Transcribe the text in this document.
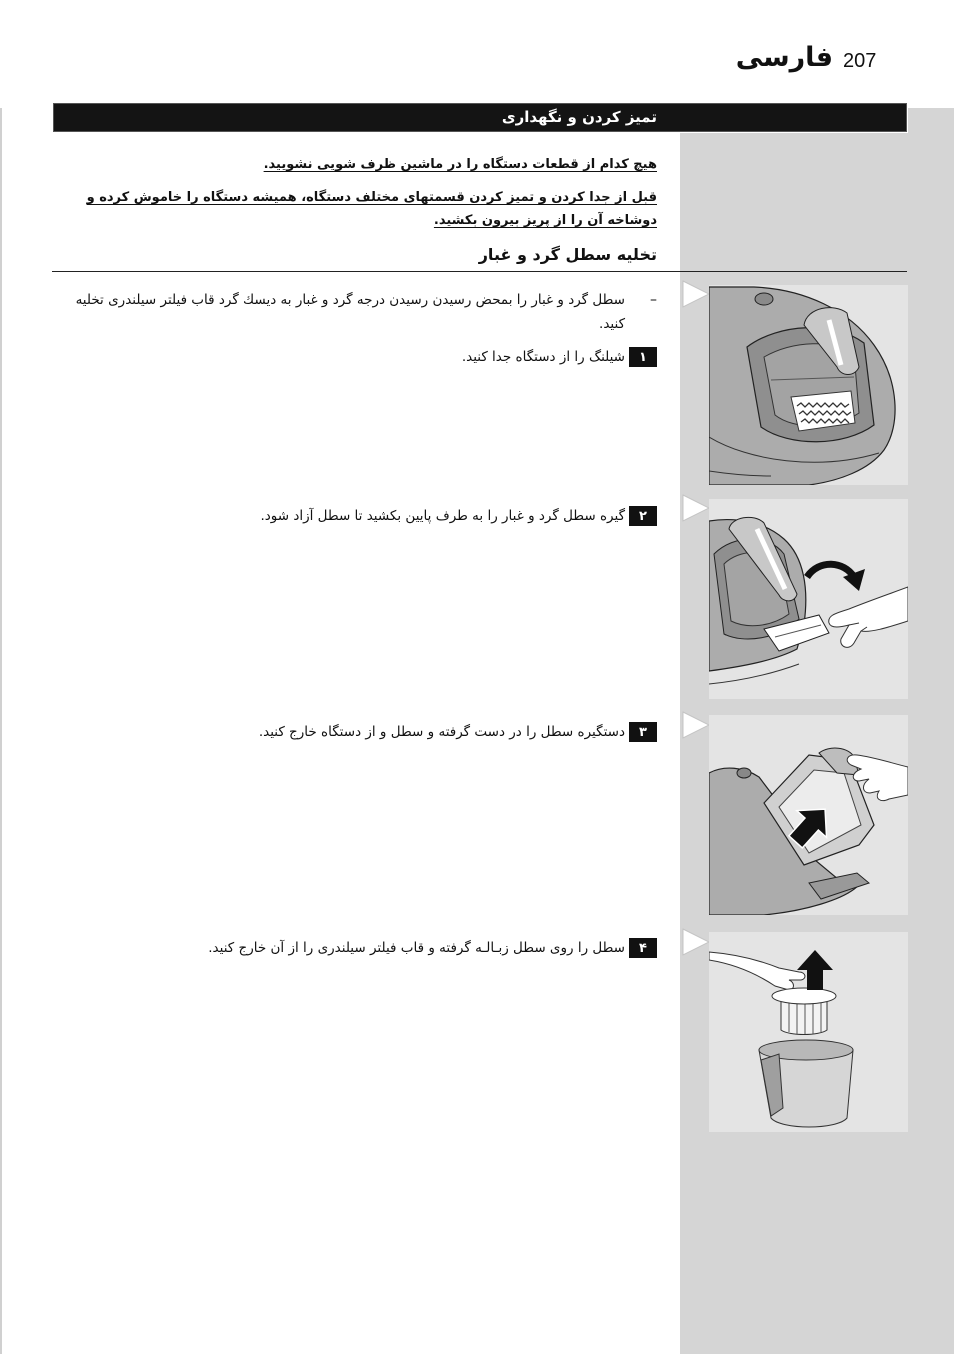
فارسی 207
تمیز کردن و نگهداری

هیچ کدام از قطعات دستگاه را در ماشین ظرف شویی نشویید.

قبل از جدا کردن و تمیز کردن قسمتهای مختلف دستگاه، همیشه دستگاه را خاموش کرده و دوشاخه آن را از پریز بیرون بکشید.

تخلیه سطل گرد و غبار
–
سطل گرد و غبار را بمحض رسیدن رسیدن درجه گرد و غبار به دیسك گرد قاب فیلتر سیلندری تخلیه کنید.
۱
شیلنگ را از دستگاه جدا کنید.
۲
گیره سطل گرد و غبار را به طرف پایین بکشید تا سطل آزاد شود.
۳
دستگیره سطل را در دست گرفته و سطل و از دستگاه خارج کنید.
۴
سطل را روی سطل زبـالـه گرفته و قاب فیلتر سیلندری را از آن خارج کنید.
